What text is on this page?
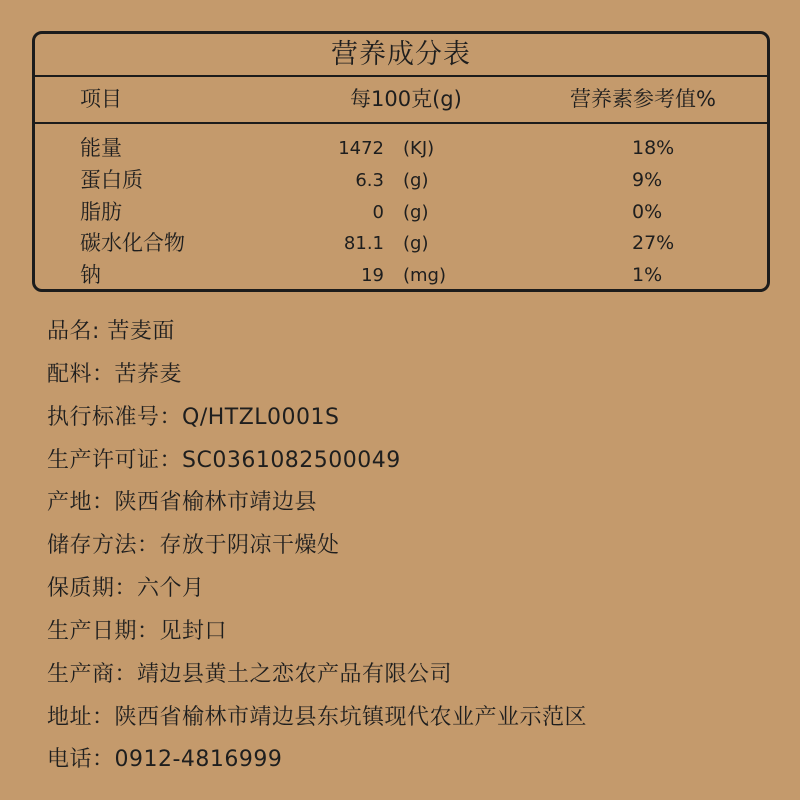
营养成分表
项目	每100克(g)	营养素参考值%
能量	1472 (KJ)	18%
蛋白质	6.3 (g)	9%
脂肪	0 (g)	0%
碳水化合物	81.1 (g)	27%
钠	19 (mg)	1%
品名: 苦麦面
配料：苦荞麦
执行标准号：Q/HTZL0001S
生产许可证：SC0361082500049
产地：陕西省榆林市靖边县
储存方法：存放于阴凉干燥处
保质期：六个月
生产日期：见封口
生产商：靖边县黄土之恋农产品有限公司
地址：陕西省榆林市靖边县东坑镇现代农业产业示范区
电话：0912-4816999
